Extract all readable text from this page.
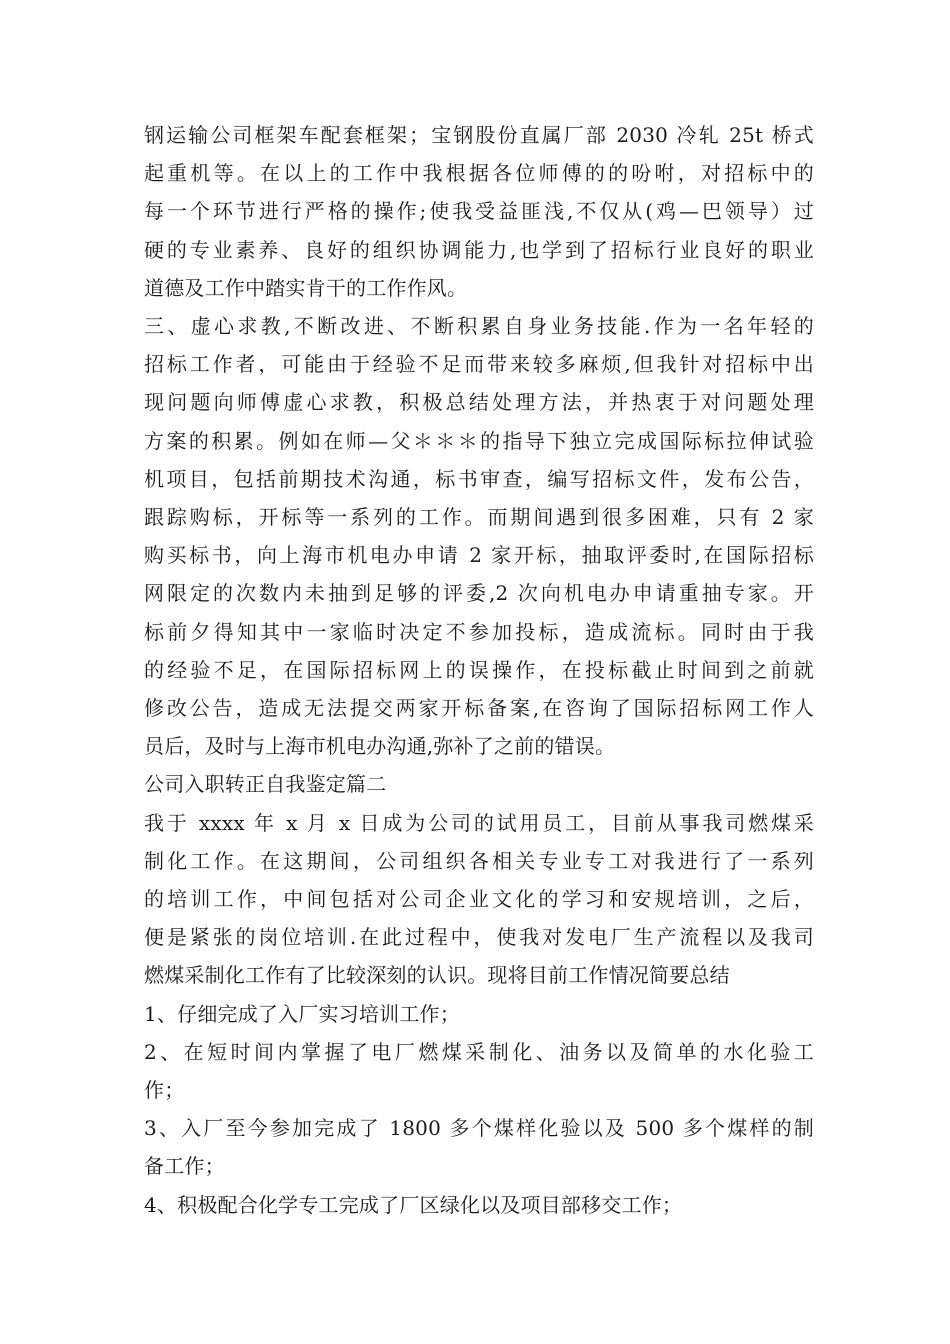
钢运输公司框架车配套框架；宝钢股份直属厂部 2030 冷轧 25t 桥式
起重机等。在以上的工作中我根据各位师傅的的吩咐，对招标中的
每一个环节进行严格的操作;使我受益匪浅,不仅从(鸡—巴领导）过
硬的专业素养、良好的组织协调能力,也学到了招标行业良好的职业
道德及工作中踏实肯干的工作作风。

三、虚心求教,不断改进、不断积累自身业务技能.作为一名年轻的
招标工作者，可能由于经验不足而带来较多麻烦,但我针对招标中出
现问题向师傅虚心求教，积极总结处理方法，并热衷于对问题处理
方案的积累。例如在师—父＊＊＊的指导下独立完成国际标拉伸试验
机项目，包括前期技术沟通，标书审查，编写招标文件，发布公告，
跟踪购标，开标等一系列的工作。而期间遇到很多困难，只有 2 家
购买标书，向上海市机电办申请 2 家开标，抽取评委时,在国际招标
网限定的次数内未抽到足够的评委,2 次向机电办申请重抽专家。开
标前夕得知其中一家临时决定不参加投标，造成流标。同时由于我
的经验不足，在国际招标网上的误操作，在投标截止时间到之前就
修改公告，造成无法提交两家开标备案,在咨询了国际招标网工作人
员后，及时与上海市机电办沟通,弥补了之前的错误。

公司入职转正自我鉴定篇二

我于 xxxx 年 x 月 x 日成为公司的试用员工，目前从事我司燃煤采
制化工作。在这期间，公司组织各相关专业专工对我进行了一系列
的培训工作，中间包括对公司企业文化的学习和安规培训，之后，
便是紧张的岗位培训.在此过程中，使我对发电厂生产流程以及我司
燃煤采制化工作有了比较深刻的认识。现将目前工作情况简要总结

1、仔细完成了入厂实习培训工作；

2、在短时间内掌握了电厂燃煤采制化、油务以及简单的水化验工
作；

3、入厂至今参加完成了 1800 多个煤样化验以及 500 多个煤样的制
备工作；

4、积极配合化学专工完成了厂区绿化以及项目部移交工作；
